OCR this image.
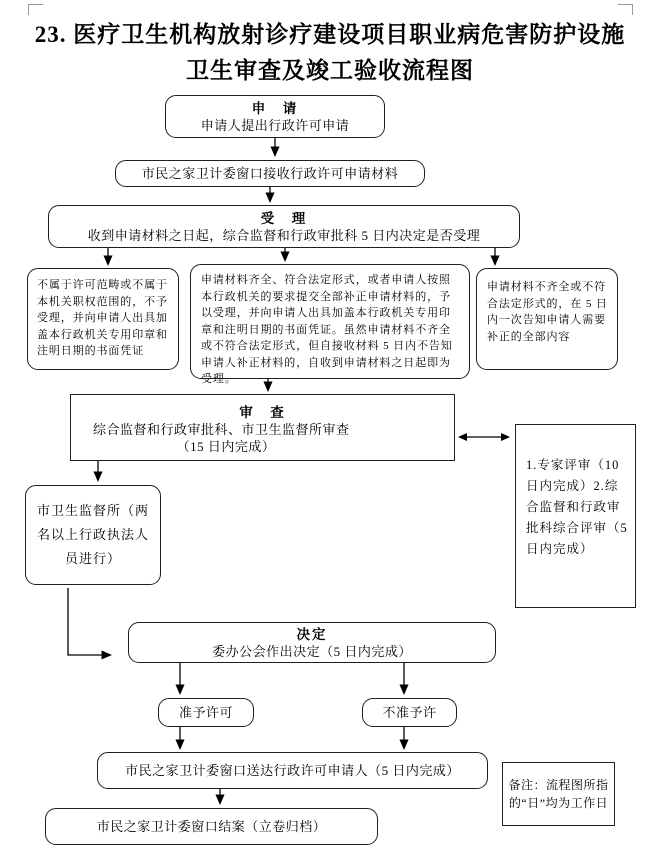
23. 医疗卫生机构放射诊疗建设项目职业病危害防护设施
卫生审查及竣工验收流程图
申　请
申请人提出行政许可申请
市民之家卫计委窗口接收行政许可申请材料
受　理
收到申请材料之日起，综合监督和行政审批科 5 日内决定是否受理
不属于许可范畴或不属于本机关职权范围的，不予受理，并向申请人出具加盖本行政机关专用印章和注明日期的书面凭证
申请材料齐全、符合法定形式，或者申请人按照本行政机关的要求提交全部补正申请材料的，予以受理，并向申请人出具加盖本行政机关专用印章和注明日期的书面凭证。虽然申请材料不齐全或不符合法定形式，但自接收材料 5 日内不告知申请人补正材料的，自收到申请材料之日起即为受理。
申请材料不齐全或不符合法定形式的，在 5 日内一次告知申请人需要补正的全部内容
审　查
综合监督和行政审批科、市卫生监督所审查
（15 日内完成）
1.专家评审（10 日内完成）2.综合监督和行政审批科综合评审（5 日内完成）
市卫生监督所（两名以上行政执法人员进行）
决定
委办公会作出决定（5 日内完成）
准予许可	不准予许
市民之家卫计委窗口送达行政许可申请人（5 日内完成）
市民之家卫计委窗口结案（立卷归档）
备注：流程图所指的“日”均为工作日
